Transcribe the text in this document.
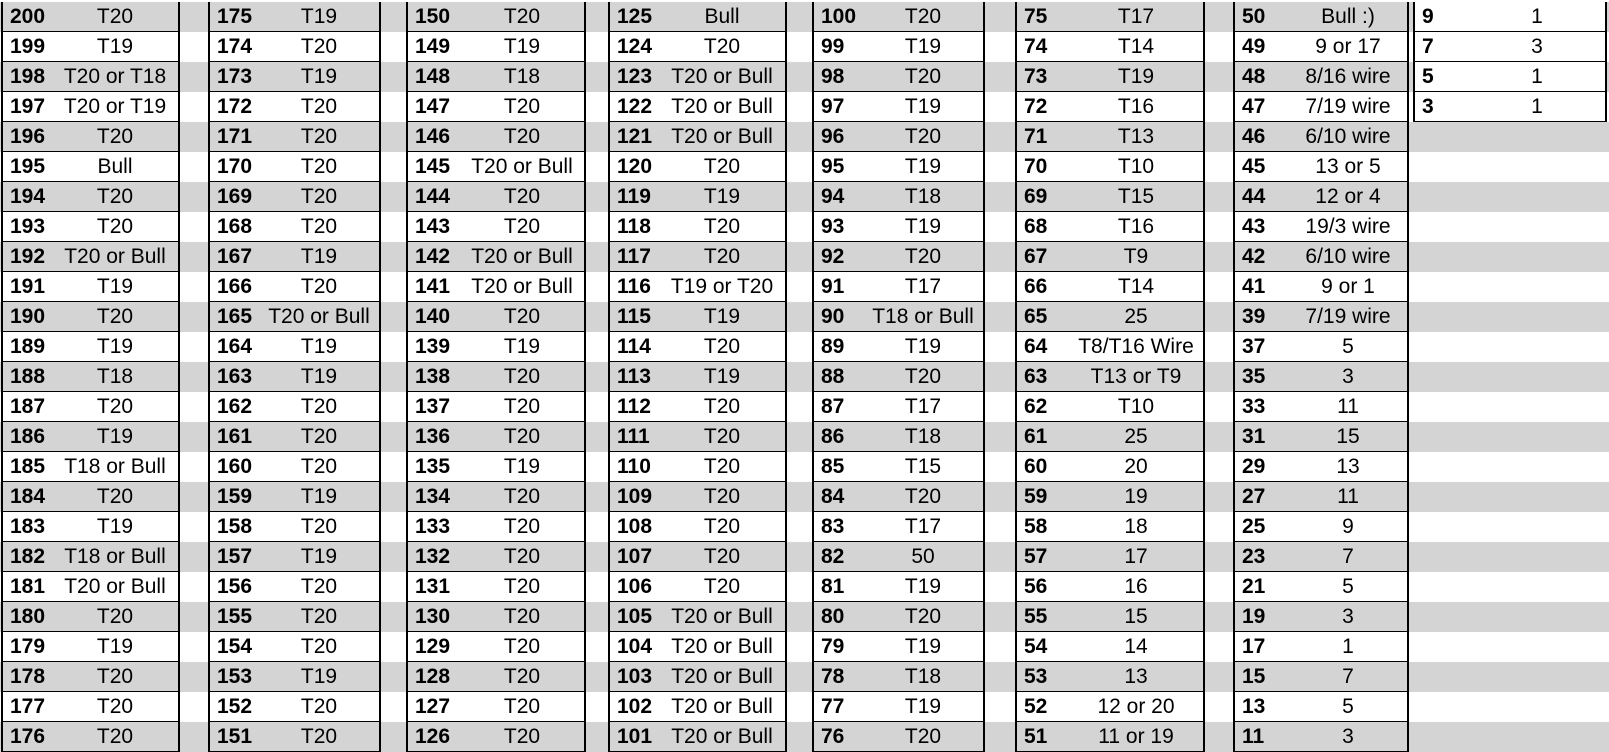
200	T20
199	T19
198 T20 or T18
197 T20 or T19
196	T20
195	Bull
194	T20
193	T20
192 T20 or Bull
191	T19
190	T20
189	T19
188	T18
187	T20
186	T19
185 T18 or Bull
184	T20
183	T19
182 T18 or Bull
181 T20 or Bull
180	T20
179	T19
178	T20
177	T20
176	T20
175	T19
174	T20
173	T19
172	T20
171	T20
170	T20
169	T20
168	T20
167	T19
166	T20
165 T20 or Bull
164	T19
163	T19
162	T20
161	T20
160	T20
159	T19
158	T20
157	T19
156	T20
155	T20
154	T20
153	T19
152	T20
151	T20
150	T20
149	T19
148	T18
147	T20
146	T20
145	T20 or Bull
144	T20
143	T20
142	T20 or Bull
141	T20 or Bull
140	T20
139	T19
138	T20
137	T20
136	T20
135	T19
134	T20
133	T20
132	T20
131	T20
130	T20
129	T20
128	T20
127	T20
126	T20
125	Bull
124	T20
123 T20 or Bull
122 T20 or Bull
121 T20 or Bull
120	T20
119	T19
118	T20
117	T20
116 T19 or T20
115	T19
114	T20
113	T19
112	T20
111	T20
110	T20
109	T20
108	T20
107	T20
106	T20
105 T20 or Bull
104 T20 or Bull
103 T20 or Bull
102 T20 or Bull
101 T20 or Bull
100	T20
99	T19
98	T20
97	T19
96	T20
95	T19
94	T18
93	T19
92	T20
91	T17
90 T18 or Bull
89	T19
88	T20
87	T17
86	T18
85	T15
84	T20
83	T17
82	50
81	T19
80	T20
79	T19
78	T18
77	T19
76	T20
75	T17
74	T14
73	T19
72	T16
71	T13
70	T10
69	T15
68	T16
67	T9
66	T14
65	25
64 T8/T16 Wire
63	T13 or T9
62	T10
61	25
60	20
59	19
58	18
57	17
56	16
55	15
54	14
53	13
52	12 or 20
51	11 or 19
50	Bull :)
49	9 or 17
48	8/16 wire
47	7/19 wire
46	6/10 wire
45	13 or 5
44	12 or 4
43	19/3 wire
42	6/10 wire
41	9 or 1
39	7/19 wire
37	5
35	3
33	11
31	15
29	13
27	11
25	9
23	7
21	5
19	3
17	1
15	7
13	5
11	3
9	1
7	3
5	1
3	1
